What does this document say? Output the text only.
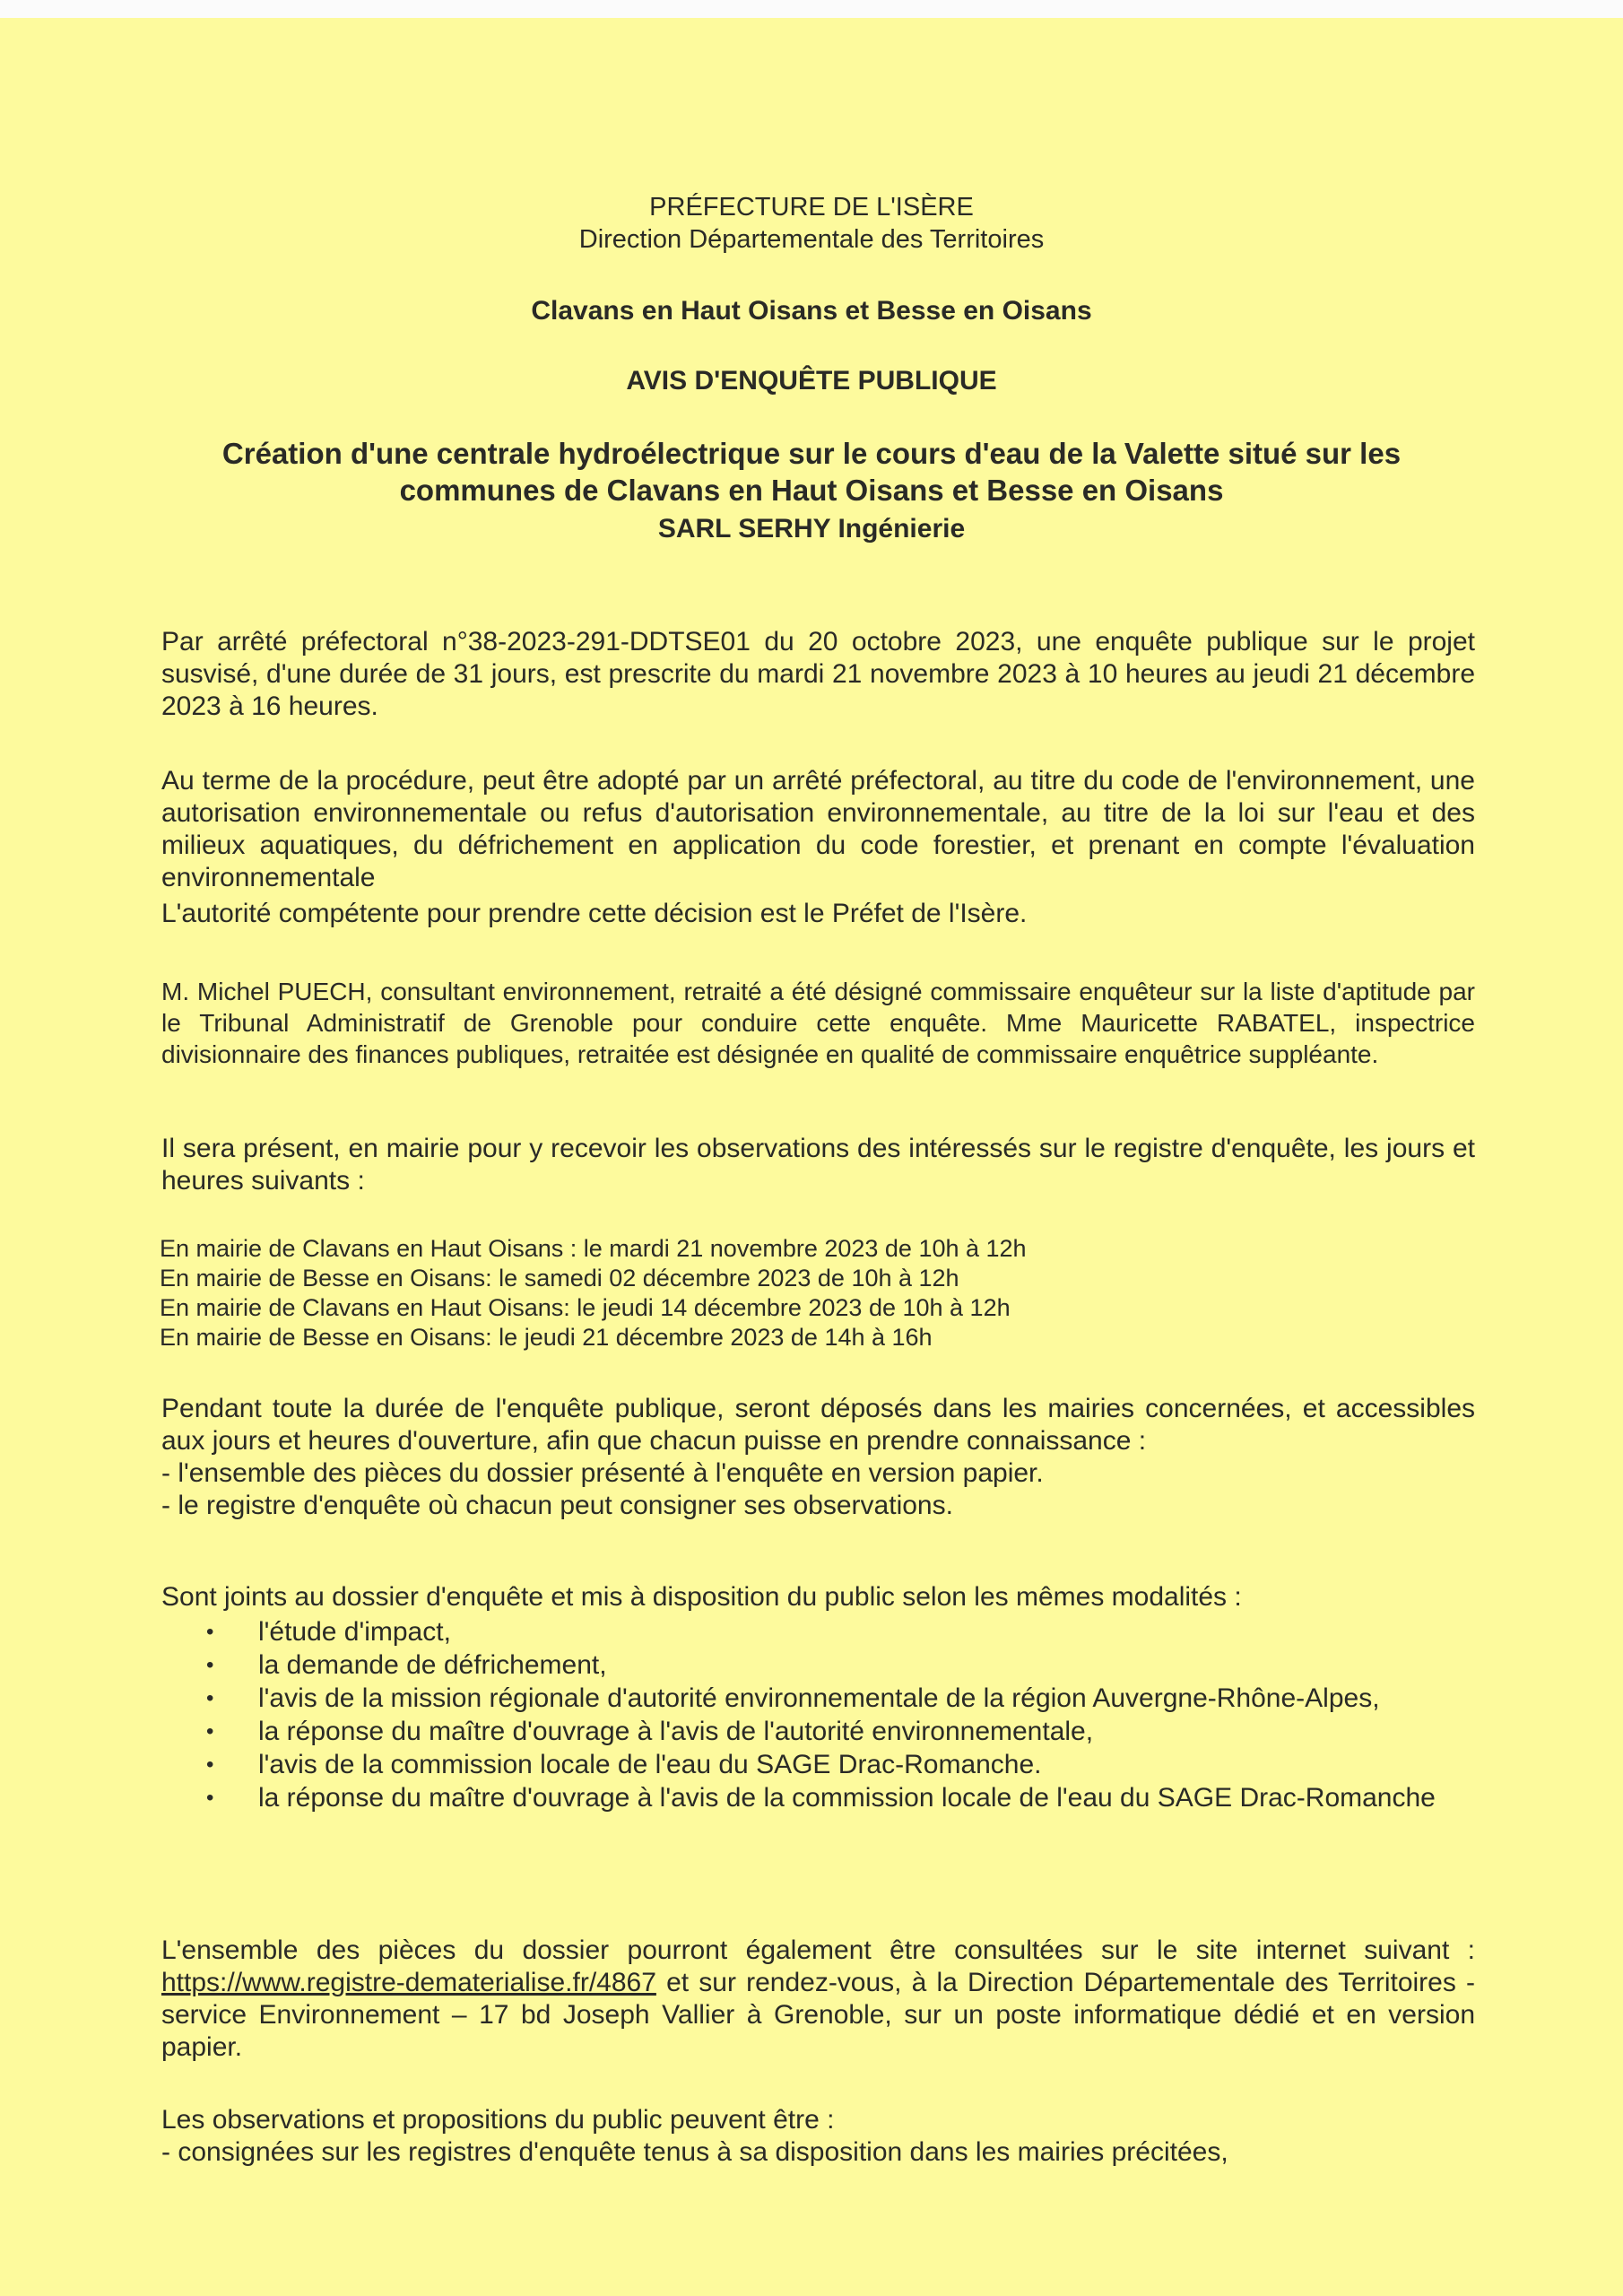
PRÉFECTURE DE L'ISÈRE

Direction Départementale des Territoires

Clavans en Haut Oisans et Besse en Oisans

AVIS D'ENQUÊTE PUBLIQUE

Création d'une centrale hydroélectrique sur le cours d'eau de la Valette situé sur les

communes de Clavans en Haut Oisans et Besse en Oisans

SARL SERHY Ingénierie

Par arrêté préfectoral n°38-2023-291-DDTSE01 du 20 octobre 2023, une enquête publique sur le projet susvisé, d'une durée de 31 jours, est prescrite du mardi 21 novembre 2023 à 10 heures au jeudi 21 décembre 2023 à 16 heures.

Au terme de la procédure, peut être adopté par un arrêté préfectoral, au titre du code de l'environnement, une autorisation environnementale ou refus d'autorisation environnementale, au titre de la loi sur l'eau et des milieux aquatiques, du défrichement en application du code forestier, et prenant en compte l'évaluation environnementale

L'autorité compétente pour prendre cette décision est le Préfet de l'Isère.

M. Michel PUECH, consultant environnement, retraité a été désigné commissaire enquêteur sur la liste d'aptitude par le Tribunal Administratif de Grenoble pour conduire cette enquête. Mme Mauricette RABATEL, inspectrice divisionnaire des finances publiques, retraitée est désignée en qualité de commissaire enquêtrice suppléante.

Il sera présent, en mairie pour y recevoir les observations des intéressés sur le registre d'enquête, les jours et heures suivants :

En mairie de Clavans en Haut Oisans : le mardi 21 novembre 2023 de 10h à 12h
En mairie de Besse en Oisans: le samedi 02 décembre 2023 de 10h à 12h
En mairie de Clavans en Haut Oisans: le jeudi 14 décembre 2023 de 10h à 12h
En mairie de Besse en Oisans: le jeudi 21 décembre 2023 de 14h à 16h
Pendant toute la durée de l'enquête publique, seront déposés dans les mairies concernées, et accessibles aux jours et heures d'ouverture, afin que chacun puisse en prendre connaissance :
- l'ensemble des pièces du dossier présenté à l'enquête en version papier.
- le registre d'enquête où chacun peut consigner ses observations.

Sont joints au dossier d'enquête et mis à disposition du public selon les mêmes modalités :

• l'étude d'impact,
• la demande de défrichement,
• l'avis de la mission régionale d'autorité environnementale de la région Auvergne-Rhône-Alpes,
• la réponse du maître d'ouvrage à l'avis de l'autorité environnementale,
• l'avis de la commission locale de l'eau du SAGE Drac-Romanche.
• la réponse du maître d'ouvrage à l'avis de la commission locale de l'eau du SAGE Drac-Romanche

L'ensemble des pièces du dossier pourront également être consultées sur le site internet suivant : https://www.registre-dematerialise.fr/4867 et sur rendez-vous, à la Direction Départementale des Territoires - service Environnement – 17 bd Joseph Vallier à Grenoble, sur un poste informatique dédié et en version papier.

Les observations et propositions du public peuvent être :
- consignées sur les registres d'enquête tenus à sa disposition dans les mairies précitées,
